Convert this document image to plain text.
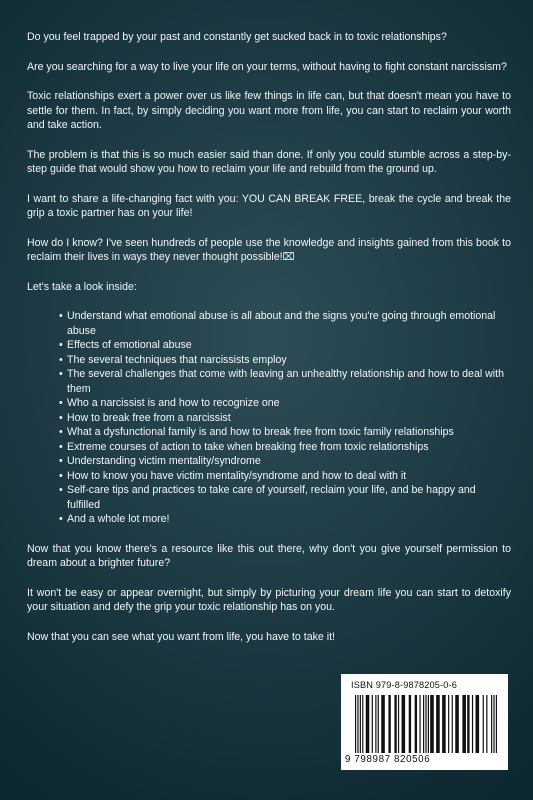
Do you feel trapped by your past and constantly get sucked back in to toxic relationships?

Are you searching for a way to live your life on your terms, without having to fight constant narcissism?

Toxic relationships exert a power over us like few things in life can, but that doesn't mean you have to settle for them. In fact, by simply deciding you want more from life, you can start to reclaim your worth and take action.

The problem is that this is so much easier said than done. If only you could stumble across a step-by-step guide that would show you how to reclaim your life and rebuild from the ground up.

I want to share a life-changing fact with you: YOU CAN BREAK FREE, break the cycle and break the grip a toxic partner has on your life!

How do I know? I've seen hundreds of people use the knowledge and insights gained from this book to reclaim their lives in ways they never thought possible!⌧

Let's take a look inside:

• Understand what emotional abuse is all about and the signs you're going through emotional abuse
• Effects of emotional abuse
• The several techniques that narcissists employ
• The several challenges that come with leaving an unhealthy relationship and how to deal with them
• Who a narcissist is and how to recognize one
• How to break free from a narcissist
• What a dysfunctional family is and how to break free from toxic family relationships
• Extreme courses of action to take when breaking free from toxic relationships
• Understanding victim mentality/syndrome
• How to know you have victim mentality/syndrome and how to deal with it
• Self-care tips and practices to take care of yourself, reclaim your life, and be happy and fulfilled
• And a whole lot more!

Now that you know there's a resource like this out there, why don't you give yourself permission to dream about a brighter future?

It won't be easy or appear overnight, but simply by picturing your dream life you can start to detoxify your situation and defy the grip your toxic relationship has on you.

Now that you can see what you want from life, you have to take it!

ISBN 979-8-9878205-0-6
9 798987 820506
